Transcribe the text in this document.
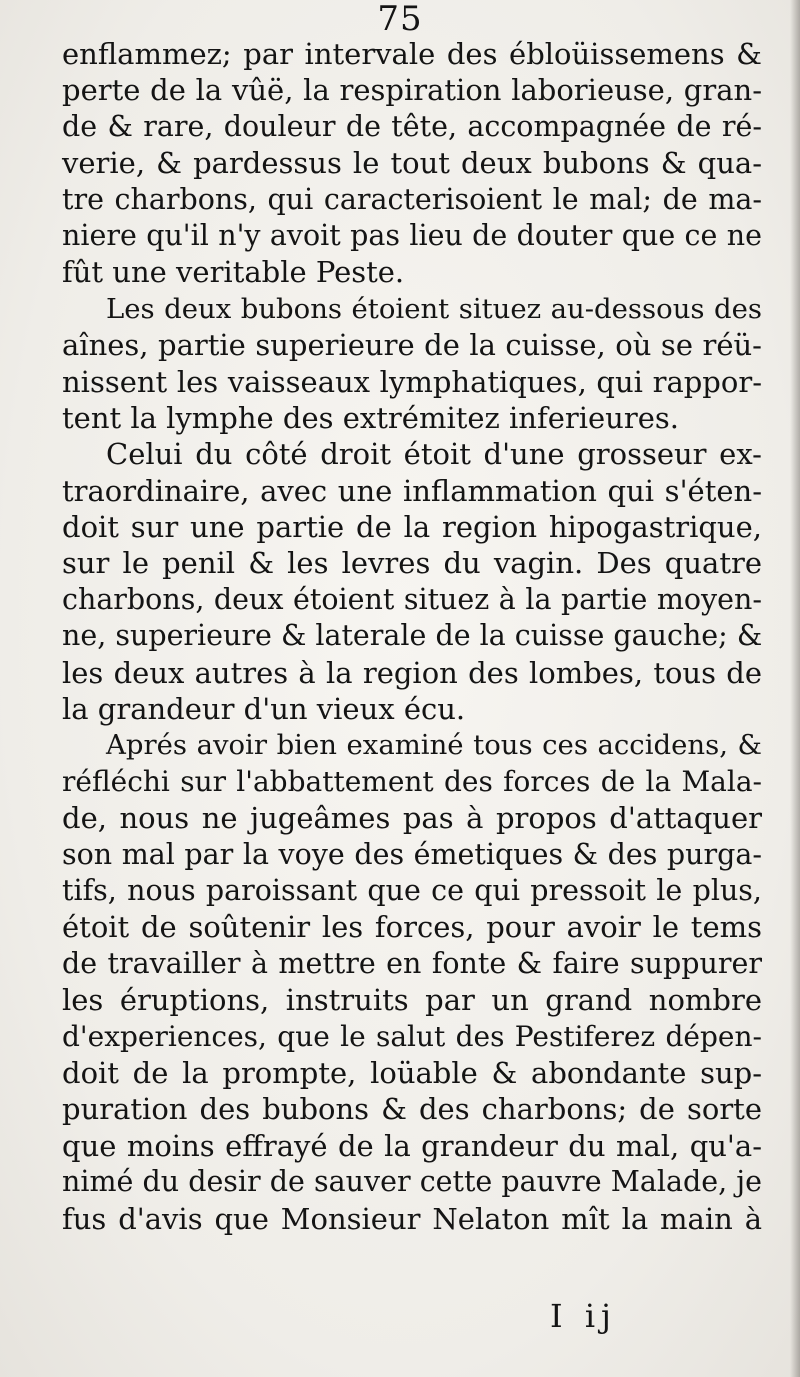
75
enflammez; par intervale des ébloüissemens &
perte de la vûë, la respiration laborieuse, gran-
de & rare, douleur de tête, accompagnée de ré-
verie, & pardessus le tout deux bubons & qua-
tre charbons, qui caracterisoient le mal; de ma-
niere qu'il n'y avoit pas lieu de douter que ce ne
fût une veritable Peste.
Les deux bubons étoient situez au-dessous des
aînes, partie superieure de la cuisse, où se réü-
nissent les vaisseaux lymphatiques, qui rappor-
tent la lymphe des extrémitez inferieures.
Celui du côté droit étoit d'une grosseur ex-
traordinaire, avec une inflammation qui s'éten-
doit sur une partie de la region hipogastrique,
sur le penil & les levres du vagin. Des quatre
charbons, deux étoient situez à la partie moyen-
ne, superieure & laterale de la cuisse gauche; &
les deux autres à la region des lombes, tous de
la grandeur d'un vieux écu.
Aprés avoir bien examiné tous ces accidens, &
réfléchi sur l'abbattement des forces de la Mala-
de, nous ne jugeâmes pas à propos d'attaquer
son mal par la voye des émetiques & des purga-
tifs, nous paroissant que ce qui pressoit le plus,
étoit de soûtenir les forces, pour avoir le tems
de travailler à mettre en fonte & faire suppurer
les éruptions, instruits par un grand nombre
d'experiences, que le salut des Pestiferez dépen-
doit de la prompte, loüable & abondante sup-
puration des bubons & des charbons; de sorte
que moins effrayé de la grandeur du mal, qu'a-
nimé du desir de sauver cette pauvre Malade, je
fus d'avis que Monsieur Nelaton mît la main à
I ij
